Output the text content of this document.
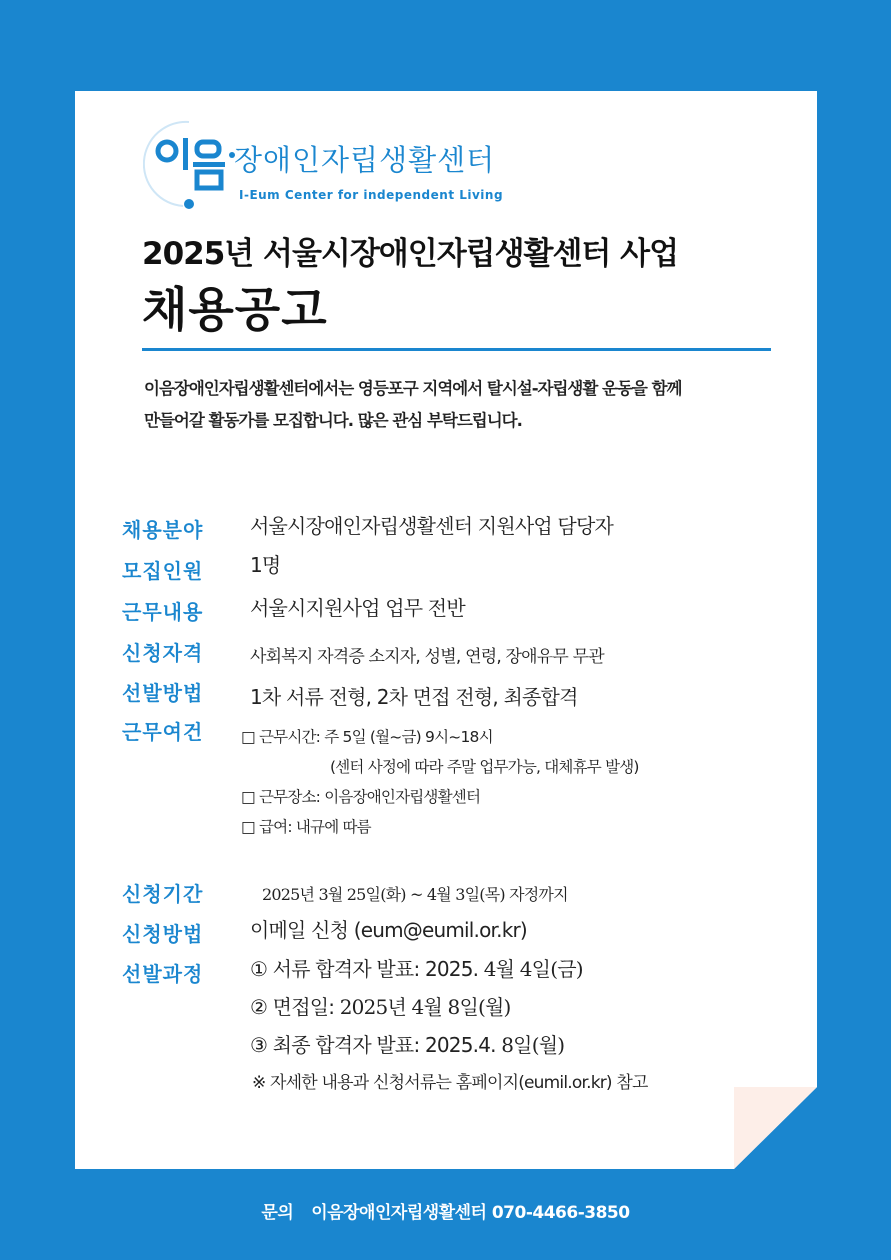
장애인자립생활센터
I-Eum Center for independent Living
2025년 서울시장애인자립생활센터 사업
채용공고
이음장애인자립생활센터에서는 영등포구 지역에서 탈시설-자립생활 운동을 함께
만들어갈 활동가를 모집합니다. 많은 관심 부탁드립니다.
채용분야 서울시장애인자립생활센터 지원사업 담당자
모집인원 1명
근무내용 서울시지원사업 업무 전반
신청자격	사회복지 자격증 소지자, 성별, 연령, 장애유무 무관
선발방법 1차 서류 전형, 2차 면접 전형, 최종합격
근무여건 □ 근무시간: 주 5일 (월~금) 9시~18시
(센터 사정에 따라 주말 업무가능, 대체휴무 발생)
□ 근무장소: 이음장애인자립생활센터
□ 급여: 내규에 따름
신청기간	2025년 3월 25일(화) ~ 4월 3일(목) 자정까지
신청방법 이메일 신청 (eum@eumil.or.kr)
선발과정 ① 서류 합격자 발표: 2025. 4월 4일(금)
② 면접일: 2025년 4월 8일(월)
③ 최종 합격자 발표: 2025.4. 8일(월)
※ 자세한 내용과 신청서류는 홈페이지(eumil.or.kr) 참고
문의 이음장애인자립생활센터 070-4466-3850
